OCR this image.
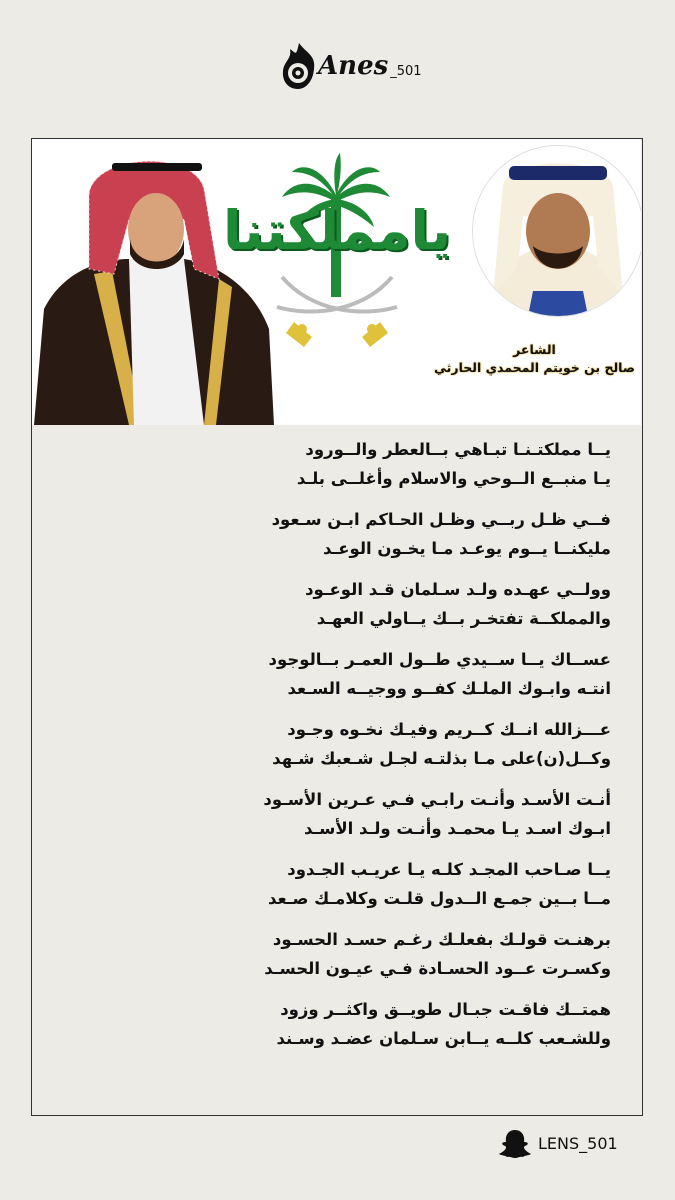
Anes _501
يامملكتنا
الشاعر
صالح بن خويتم المحمدي الحارثي
يــا مملكتـنـا تبـاهي بــالعطر والــورود
يـا منبــع الــوحي والاسلام وأغلــى بلـد
فــي ظـل ربــي وظـل الحـاكم ابـن سـعود
مليكنــا يــوم يوعـد مـا يخـون الوعـد
وولــي عهـده ولـد سـلمان قـد الوعـود
والمملكــة تفتخـر بــك يــاولي العهـد
عســاك يــا ســيدي طــول العمـر بــالوجود
انتـه وابـوك الملـك كفــو ووجيــه السـعد
عـــزالله انــك كــريم وفيـك نخـوه وجـود
وكــل(ن)على مـا بذلتـه لجـل شـعبك شـهد
أنـت الأسـد وأنـت رابـي فـي عـرين الأسـود
ابـوك اسـد يـا محمـد وأنـت ولـد الأسـد
يــا صـاحب المجـد كلـه يـا عريـب الجـدود
مــا بــين جمـع الــدول قلـت وكلامـك صـعد
برهنـت قولـك بفعلـك رغـم حسـد الحسـود
وكسـرت عــود الحسـادة فـي عيـون الحسـد
همتــك فاقـت جبـال طويــق واكثــر وزود
وللشـعب كلــه يــابن سـلمان عضـد وسـند
LENS_501
